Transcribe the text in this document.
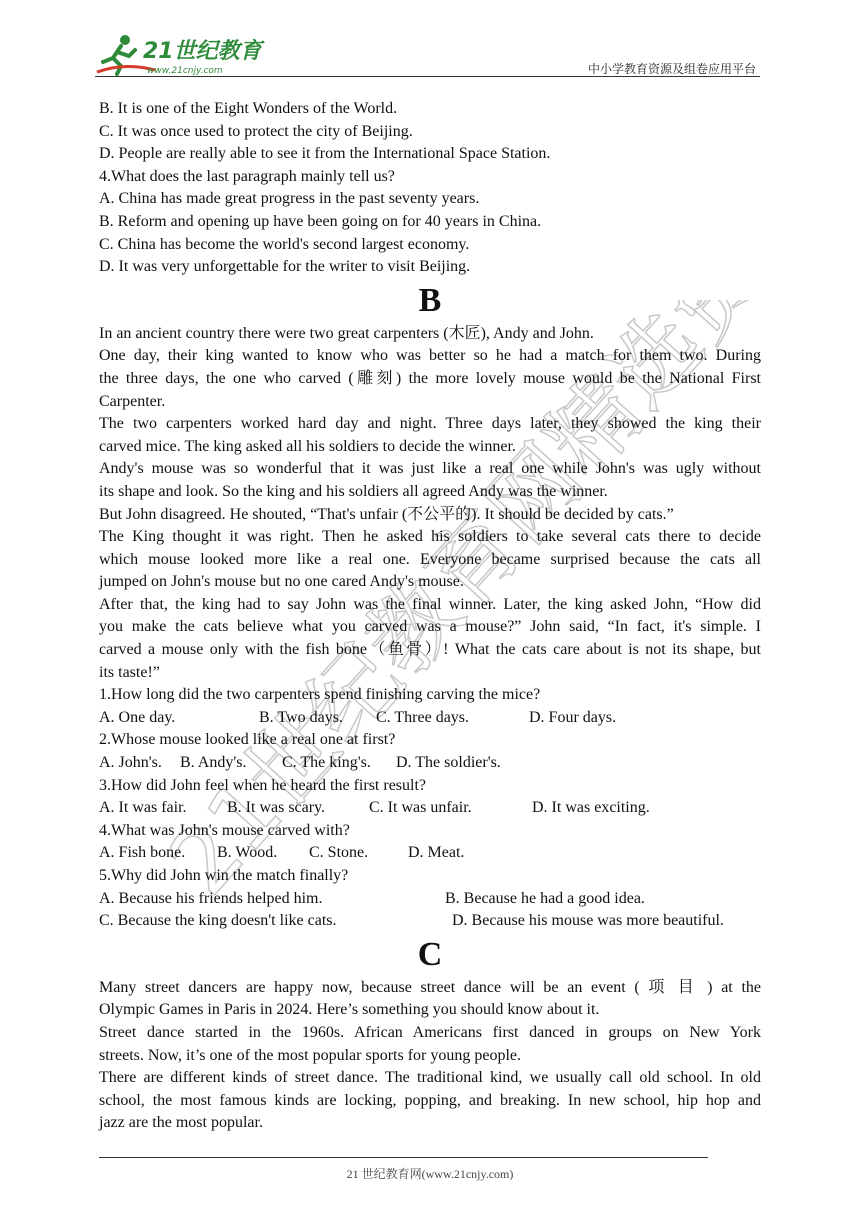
21世纪教育
www.21cnjy.com	中小学教育资源及组卷应用平台
21世纪教育网精选资料
B. It is one of the Eight Wonders of the World.
C. It was once used to protect the city of Beijing.
D. People are really able to see it from the International Space Station.
4.What does the last paragraph mainly tell us?
A. China has made great progress in the past seventy years.
B. Reform and opening up have been going on for 40 years in China.
C. China has become the world's second largest economy.
D. It was very unforgettable for the writer to visit Beijing.
B
In an ancient country there were two great carpenters (木匠), Andy and John.
One day, their king wanted to know who was better so he had a match for them two. During
the three days, the one who carved (雕刻) the more lovely mouse would be the National First
Carpenter.
The two carpenters worked hard day and night. Three days later, they showed the king their
carved mice. The king asked all his soldiers to decide the winner.
Andy's mouse was so wonderful that it was just like a real one while John's was ugly without
its shape and look. So the king and his soldiers all agreed Andy was the winner.
But John disagreed. He shouted, “That's unfair (不公平的). It should be decided by cats.”
The King thought it was right. Then he asked his soldiers to take several cats there to decide
which mouse looked more like a real one. Everyone became surprised because the cats all
jumped on John's mouse but no one cared Andy's mouse.
After that, the king had to say John was the final winner. Later, the king asked John, “How did
you make the cats believe what you carved was a mouse?” John said, “In fact, it's simple. I
carved a mouse only with the fish bone（鱼骨）! What the cats care about is not its shape, but
its taste!”
1.How long did the two carpenters spend finishing carving the mice?

A. One day.

	B. Two days.

C. Three days.

	D. Four days.

2.Whose mouse looked like a real one at first?

A. John's.

B. Andy's.

C. The king's.

D. The soldier's.

3.How did John feel when he heard the first result?

A. It was fair.

	B. It was scary.

	C. It was unfair.

	D. It was exciting.

4.What was John's mouse carved with?

A. Fish bone.

B. Wood.

C. Stone.

D. Meat.

5.Why did John win the match finally?

A. Because his friends helped him.

	B. Because he had a good idea.

C. Because the king doesn't like cats.

	D. Because his mouse was more beautiful.

C
Many street dancers are happy now, because street dance will be an event ( 项 目 ) at the
Olympic Games in Paris in 2024. Here’s something you should know about it.
Street dance started in the 1960s. African Americans first danced in groups on New York
streets. Now, it’s one of the most popular sports for young people.
There are different kinds of street dance. The traditional kind, we usually call old school. In old
school, the most famous kinds are locking, popping, and breaking. In new school, hip hop and
jazz are the most popular.
21 世纪教育网(www.21cnjy.com)
